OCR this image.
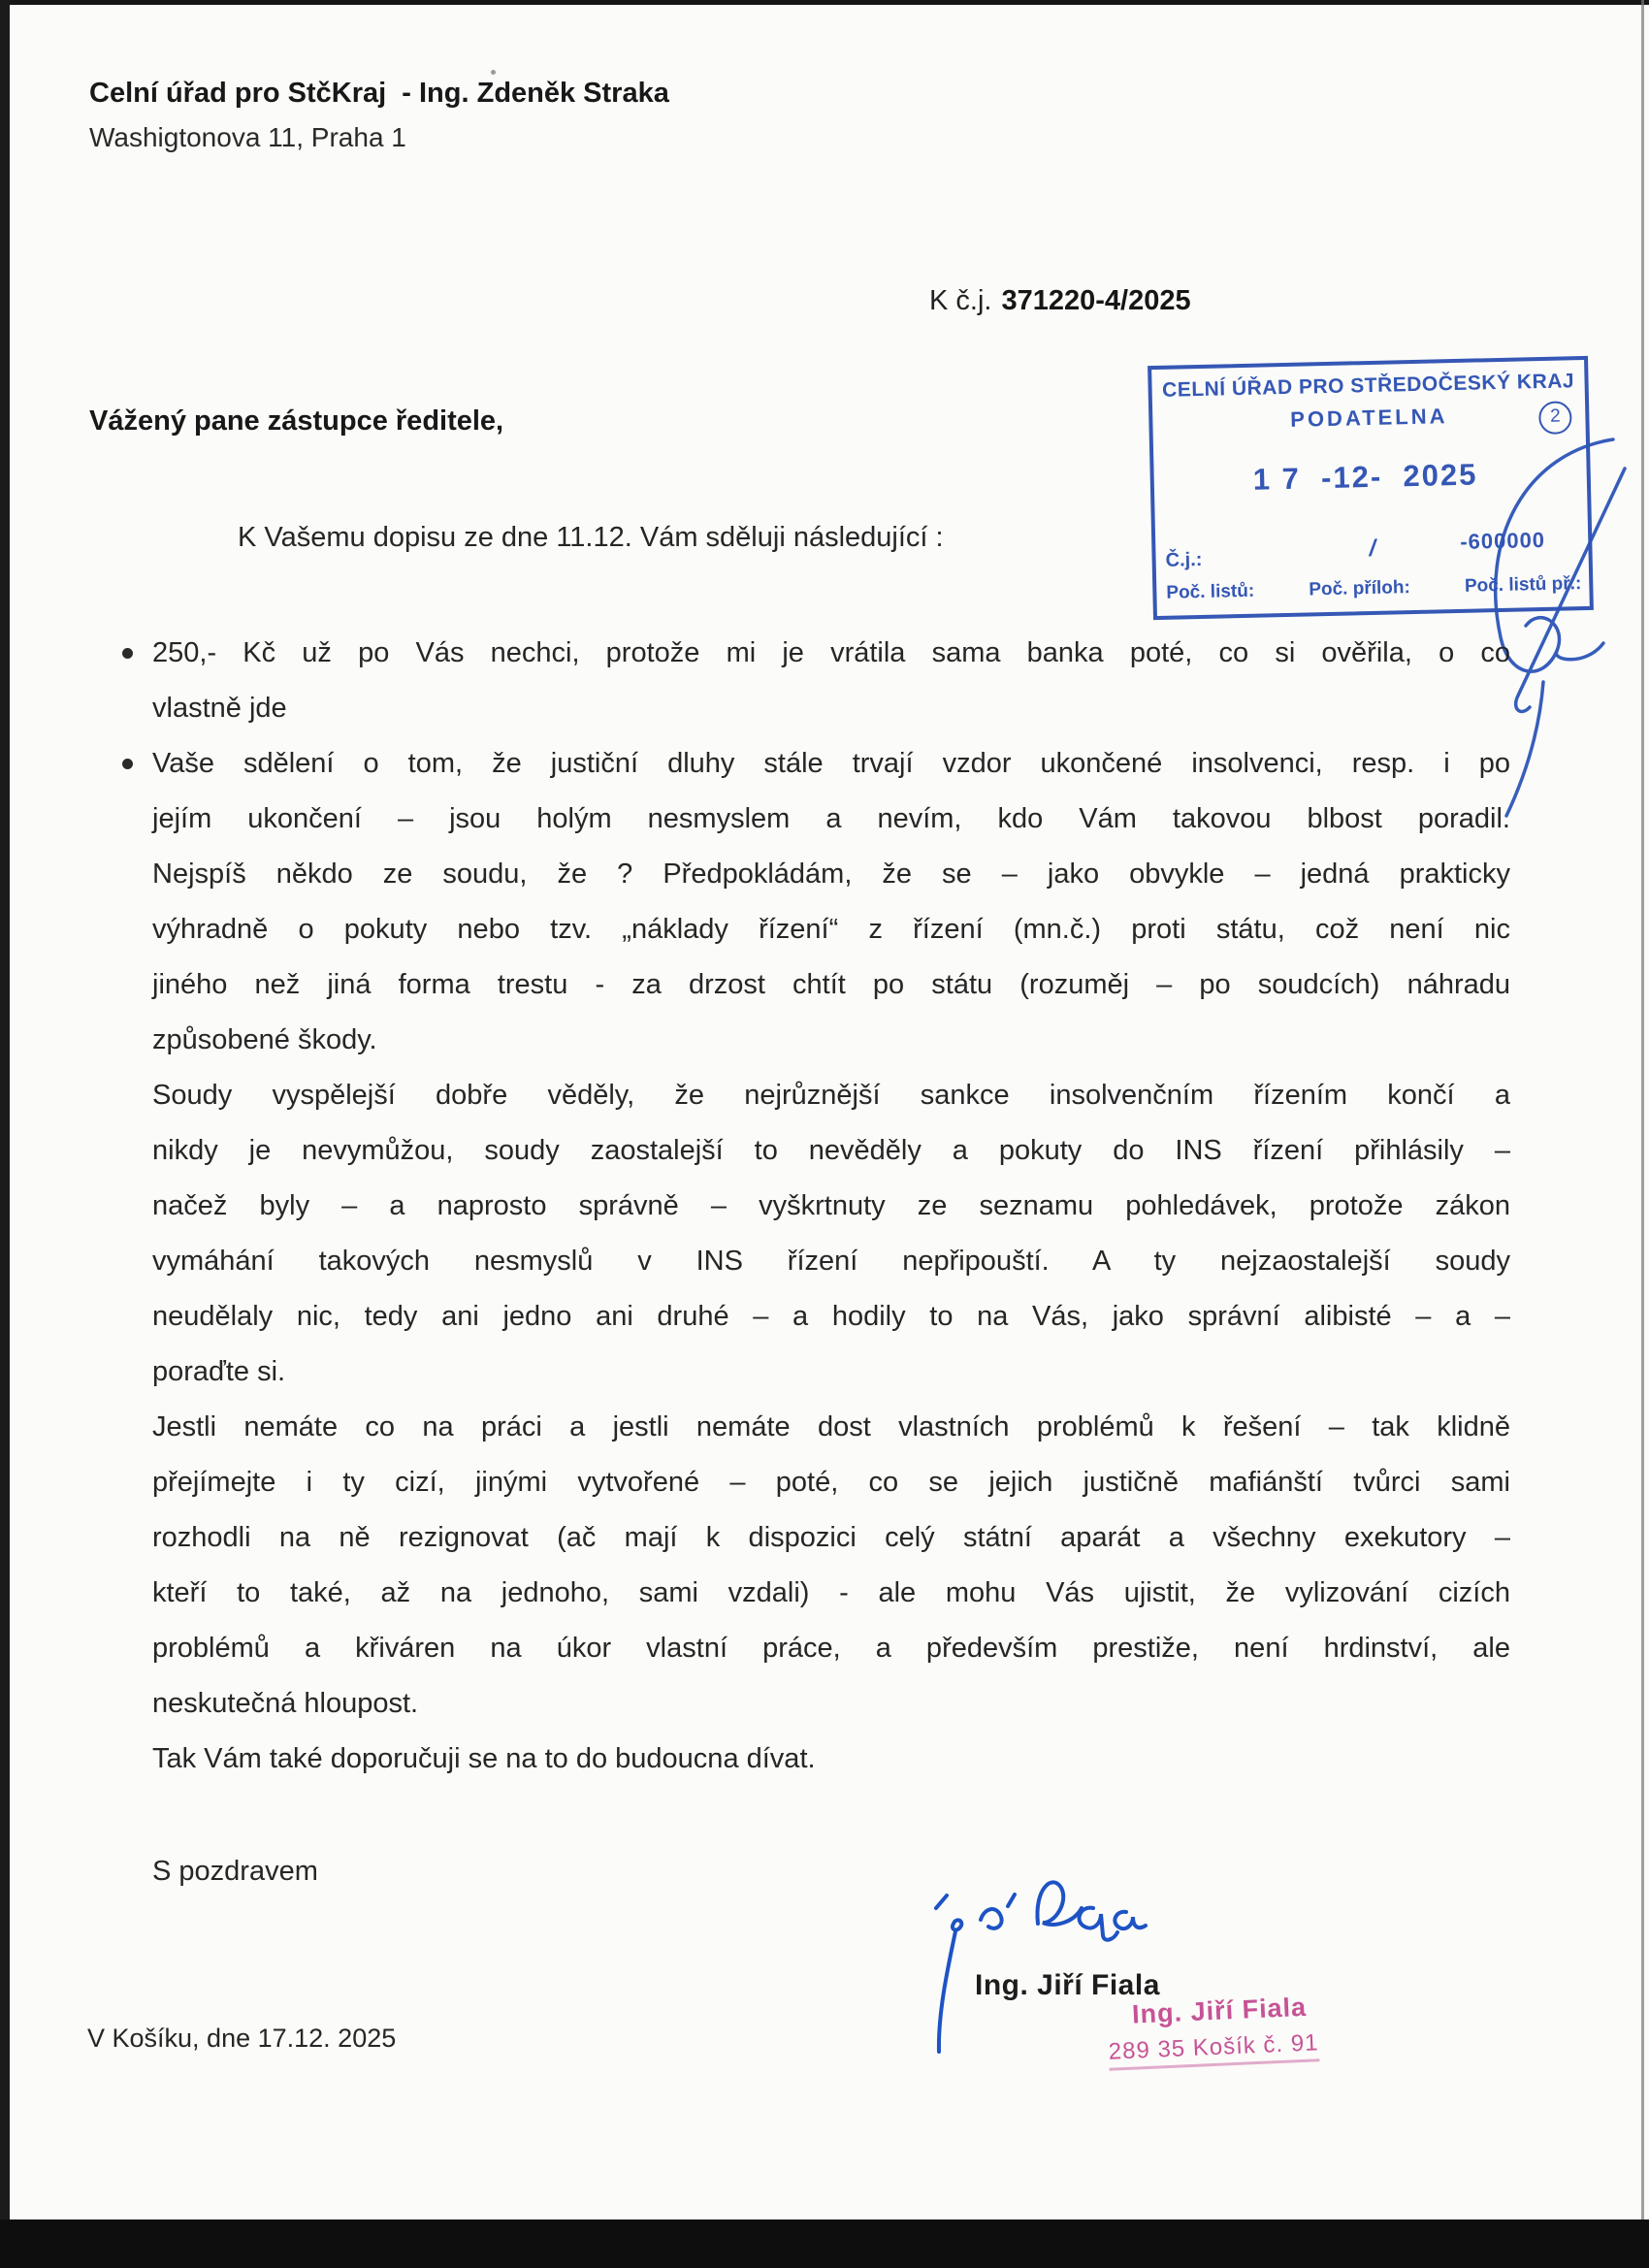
Celní úřad pro StčKraj  - Ing. Zdeněk Straka
Washigtonova 11, Praha 1
K č.j. 371220-4/2025
CELNÍ ÚŘAD PRO STŘEDOČESKÝ KRAJ
PODATELNA	2
1 7  -12-  2025
Č.j.:	/	-600000
Poč. listů:	Poč. příloh:	Poč. listů př.:
Vážený pane zástupce ředitele,
K Vašemu dopisu ze dne 11.12. Vám sděluji následující :
250,- Kč už po Vás nechci, protože mi je vrátila sama banka poté, co si ověřila, o co
vlastně jde
Vaše sdělení o tom, že justiční dluhy stále trvají vzdor ukončené insolvenci, resp. i po
jejím ukončení – jsou holým nesmyslem a nevím, kdo Vám takovou blbost poradil.
Nejspíš někdo ze soudu, že ? Předpokládám, že se – jako obvykle – jedná prakticky
výhradně o pokuty nebo tzv. „náklady řízení“ z řízení (mn.č.) proti státu, což není nic
jiného než jiná forma trestu - za drzost chtít po státu (rozuměj – po soudcích) náhradu
způsobené škody.
Soudy vyspělejší dobře věděly, že nejrůznější sankce insolvenčním řízením končí a
nikdy je nevymůžou, soudy zaostalejší to nevěděly a pokuty do INS řízení přihlásily –
načež byly – a naprosto správně – vyškrtnuty ze seznamu pohledávek, protože zákon
vymáhání takových nesmyslů v INS řízení nepřipouští. A ty nejzaostalejší soudy
neudělaly nic, tedy ani jedno ani druhé – a hodily to na Vás, jako správní alibisté – a –
poraďte si.
Jestli nemáte co na práci a jestli nemáte dost vlastních problémů k řešení – tak klidně
přejímejte i ty cizí, jinými vytvořené – poté, co se jejich justičně mafiánští tvůrci sami
rozhodli na ně rezignovat (ač mají k dispozici celý státní aparát a všechny exekutory –
kteří to také, až na jednoho, sami vzdali) - ale mohu Vás ujistit, že vylizování cizích
problémů a křiváren na úkor vlastní práce, a především prestiže, není hrdinství, ale
neskutečná hloupost.
Tak Vám také doporučuji se na to do budoucna dívat.
S pozdravem
Ing. Jiří Fiala
V Košíku, dne 17.12. 2025
Ing. Jiří Fiala
289 35 Košík č. 91
